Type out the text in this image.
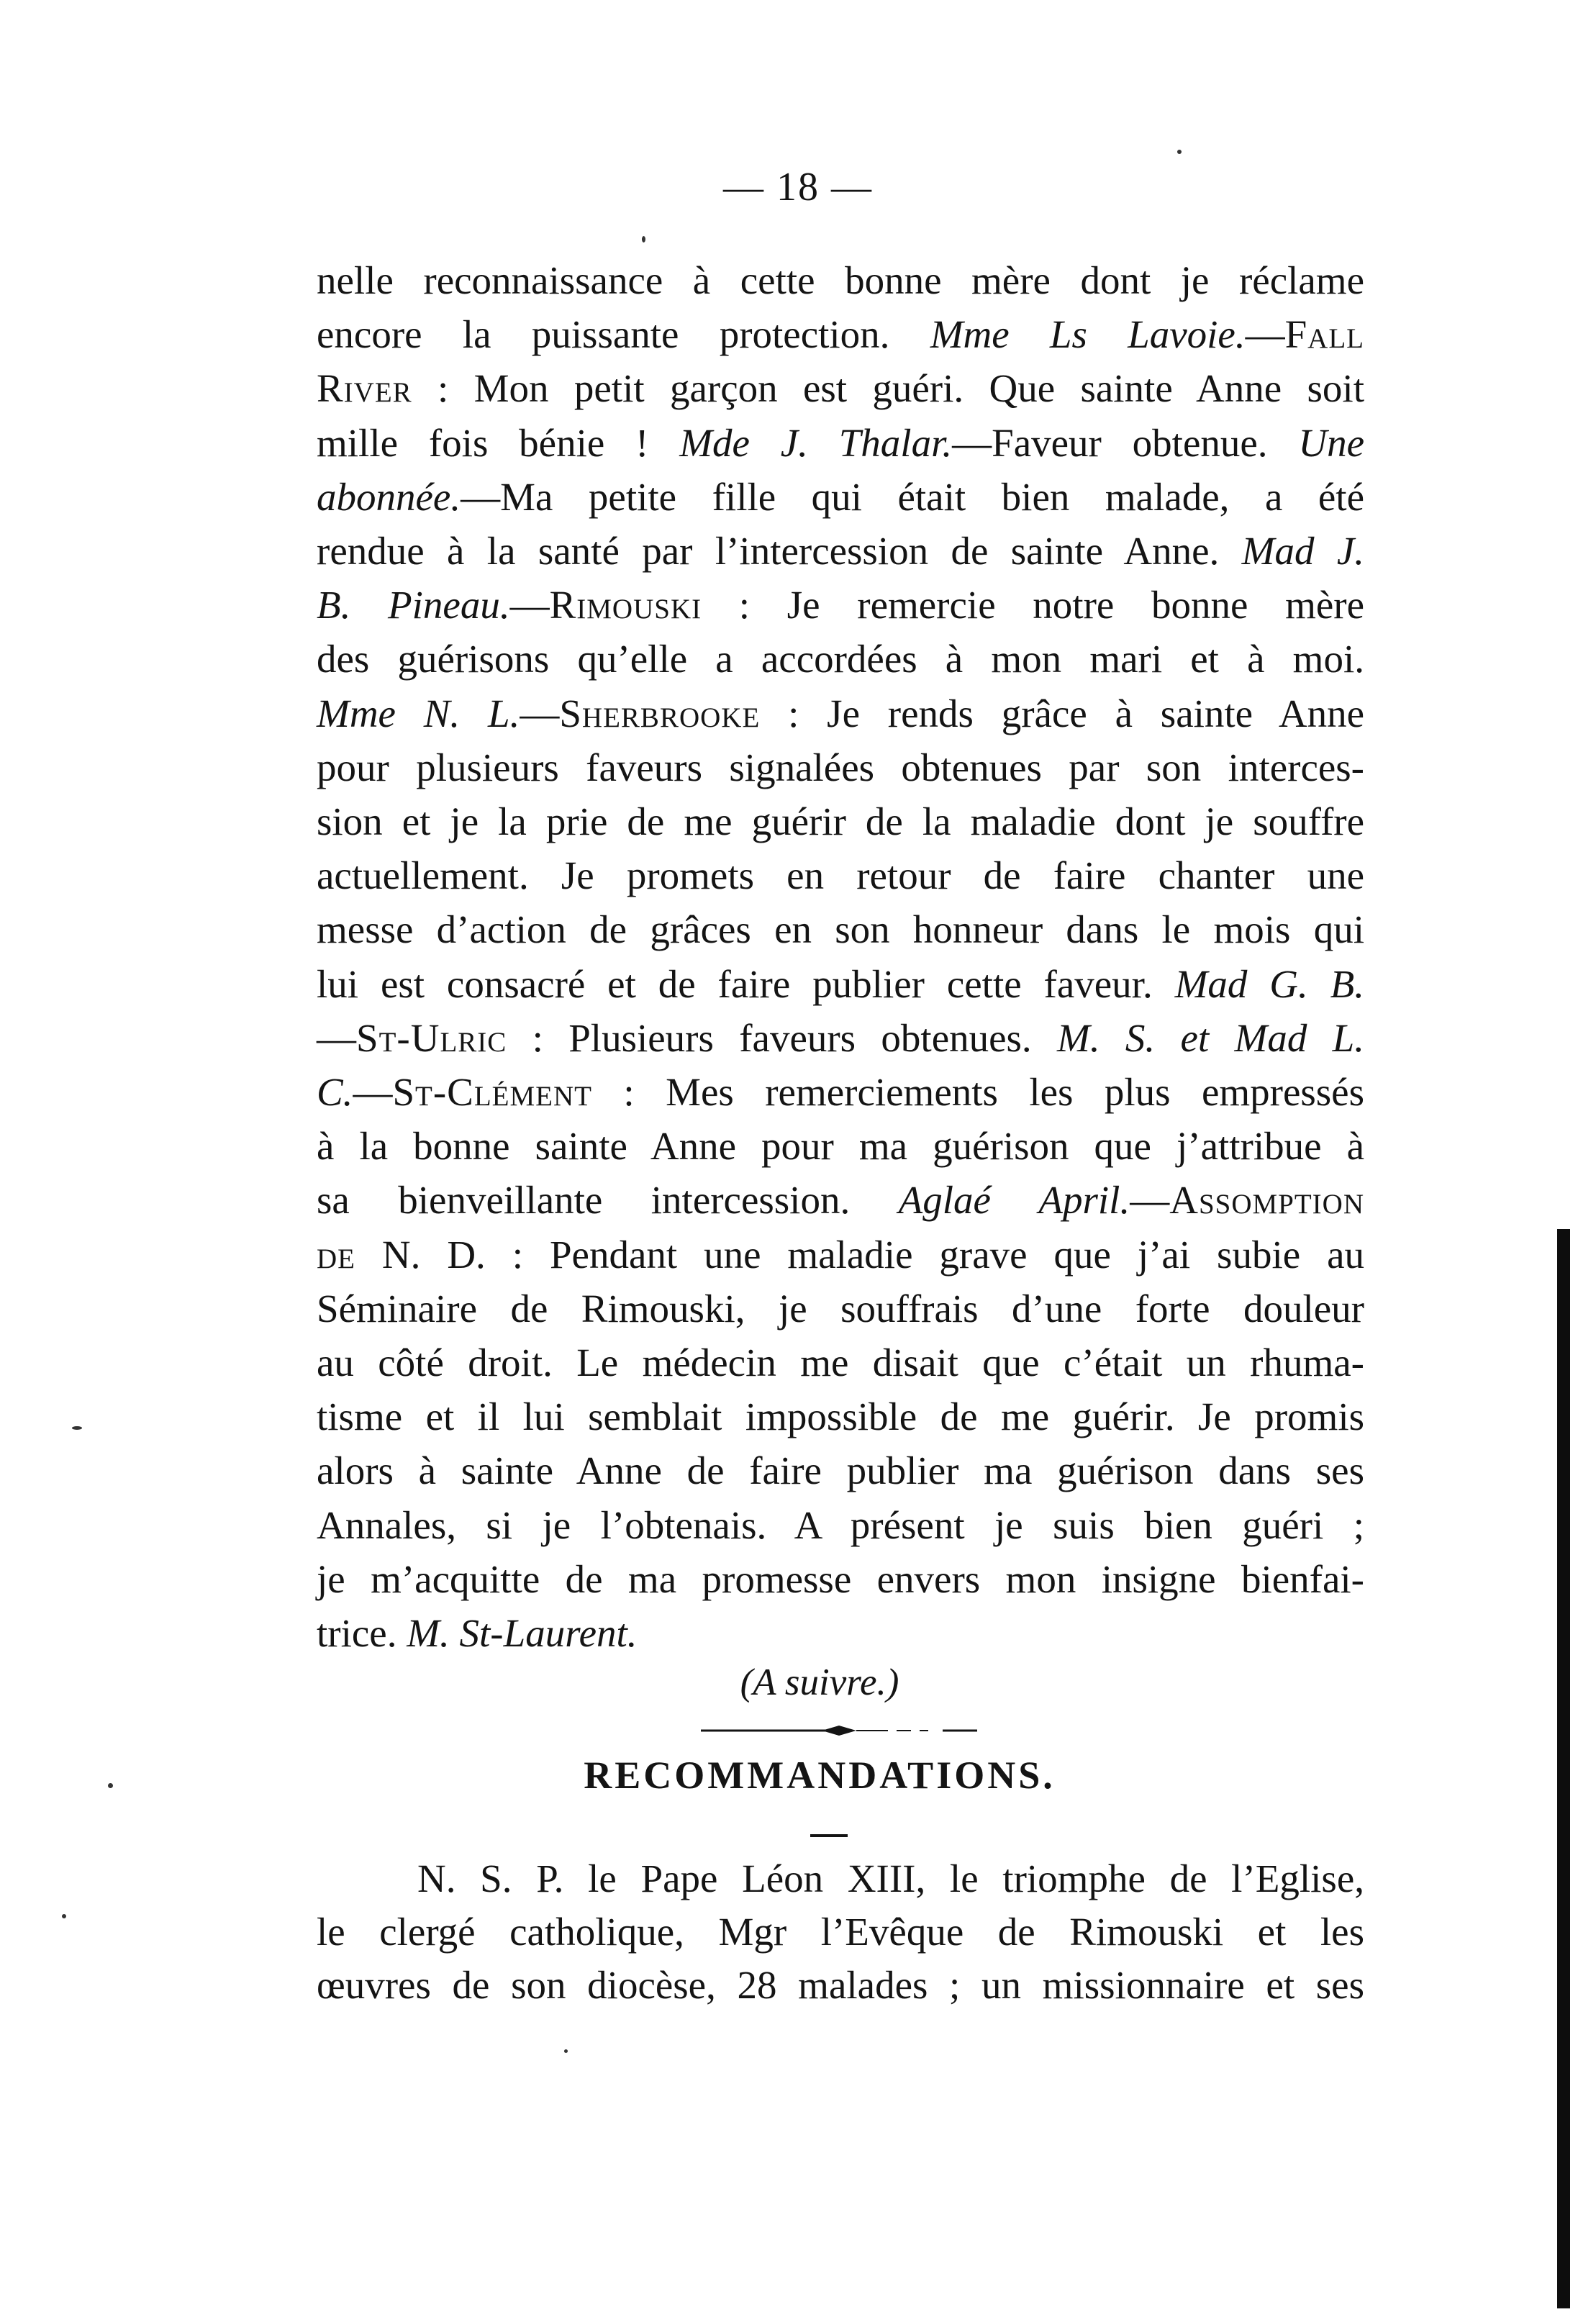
— 18 —
nelle reconnaissance à cette bonne mère dont je réclame
encore la puissante protection. Mme Ls Lavoie.—Fall
River : Mon petit garçon est guéri. Que sainte Anne soit
mille fois bénie ! Mde J. Thalar.—Faveur obtenue. Une
abonnée.—Ma petite fille qui était bien malade, a été
rendue à la santé par l’intercession de sainte Anne. Mad J.
B. Pineau.—Rimouski : Je remercie notre bonne mère
des guérisons qu’elle a accordées à mon mari et à moi.
Mme N. L.—Sherbrooke : Je rends grâce à sainte Anne
pour plusieurs faveurs signalées obtenues par son interces-
sion et je la prie de me guérir de la maladie dont je souffre
actuellement. Je promets en retour de faire chanter une
messe d’action de grâces en son honneur dans le mois qui
lui est consacré et de faire publier cette faveur. Mad G. B.
—St-Ulric : Plusieurs faveurs obtenues. M. S. et Mad L.
C.—St-Clément : Mes remerciements les plus empressés
à la bonne sainte Anne pour ma guérison que j’attribue à
sa bienveillante intercession. Aglaé April.—Assomption
de N. D. : Pendant une maladie grave que j’ai subie au
Séminaire de Rimouski, je souffrais d’une forte douleur
au côté droit. Le médecin me disait que c’était un rhuma-
tisme et il lui semblait impossible de me guérir. Je promis
alors à sainte Anne de faire publier ma guérison dans ses
Annales, si je l’obtenais. A présent je suis bien guéri ;
je m’acquitte de ma promesse envers mon insigne bienfai-
trice. M. St-Laurent.
(A suivre.)
RECOMMANDATIONS.
N. S. P. le Pape Léon XIII, le triomphe de l’Eglise,
le clergé catholique, Mgr l’Evêque de Rimouski et les
œuvres de son diocèse, 28 malades ; un missionnaire et ses
